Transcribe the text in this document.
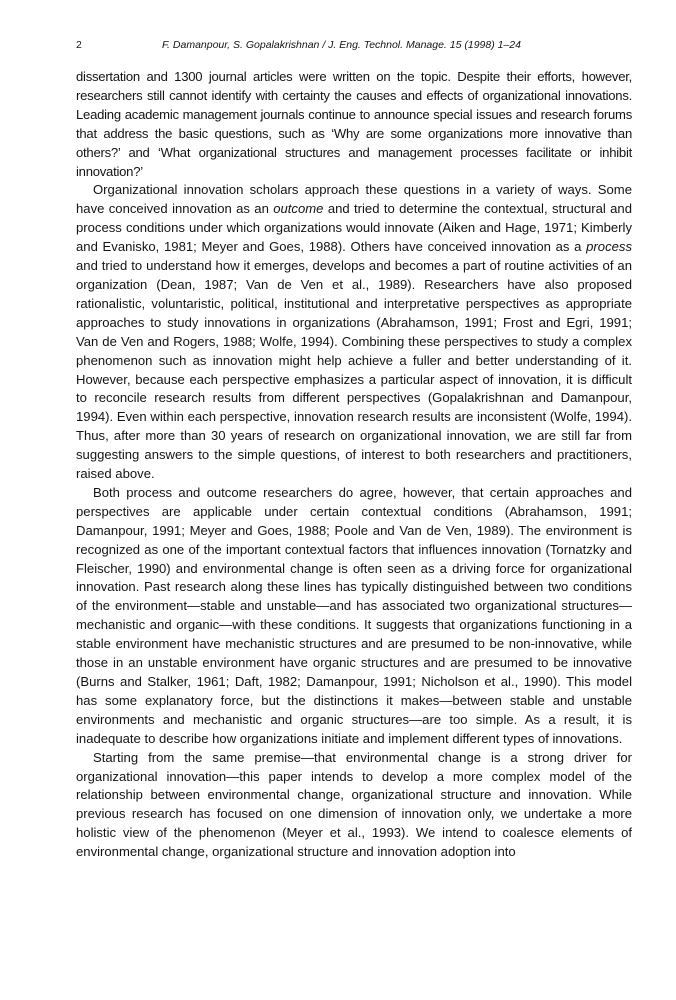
2	F. Damanpour, S. Gopalakrishnan / J. Eng. Technol. Manage. 15 (1998) 1–24

dissertation and 1300 journal articles were written on the topic. Despite their efforts, however, researchers still cannot identify with certainty the causes and effects of organizational innovations. Leading academic management journals continue to announce special issues and research forums that address the basic questions, such as ‘Why are some organizations more innovative than others?’ and ‘What organizational structures and management processes facilitate or inhibit innovation?’

Organizational innovation scholars approach these questions in a variety of ways. Some have conceived innovation as an outcome and tried to determine the contextual, structural and process conditions under which organizations would innovate (Aiken and Hage, 1971; Kimberly and Evanisko, 1981; Meyer and Goes, 1988). Others have conceived innovation as a process and tried to understand how it emerges, develops and becomes a part of routine activities of an organization (Dean, 1987; Van de Ven et al., 1989). Researchers have also proposed rationalistic, voluntaristic, political, institutional and interpretative perspectives as appropriate approaches to study innovations in organizations (Abrahamson, 1991; Frost and Egri, 1991; Van de Ven and Rogers, 1988; Wolfe, 1994). Combining these perspectives to study a complex phenomenon such as innovation might help achieve a fuller and better understanding of it. However, because each perspective emphasizes a particular aspect of innovation, it is difficult to reconcile research results from different perspectives (Gopalakrishnan and Damanpour, 1994). Even within each perspective, innovation research results are inconsistent (Wolfe, 1994). Thus, after more than 30 years of research on organizational innovation, we are still far from suggesting answers to the simple questions, of interest to both researchers and practitioners, raised above.

Both process and outcome researchers do agree, however, that certain approaches and perspectives are applicable under certain contextual conditions (Abrahamson, 1991; Damanpour, 1991; Meyer and Goes, 1988; Poole and Van de Ven, 1989). The environment is recognized as one of the important contextual factors that influences innovation (Tornatzky and Fleischer, 1990) and environmental change is often seen as a driving force for organizational innovation. Past research along these lines has typically distinguished between two conditions of the environment—stable and unstable—and has associated two organizational structures—mechanistic and organic—with these conditions. It suggests that organizations functioning in a stable environment have mechanistic structures and are presumed to be non-innovative, while those in an unstable environment have organic structures and are presumed to be innovative (Burns and Stalker, 1961; Daft, 1982; Damanpour, 1991; Nicholson et al., 1990). This model has some explanatory force, but the distinctions it makes—between stable and unstable environments and mechanistic and organic structures—are too simple. As a result, it is inadequate to describe how organizations initiate and implement different types of innovations.

Starting from the same premise—that environmental change is a strong driver for organizational innovation—this paper intends to develop a more complex model of the relationship between environmental change, organizational structure and innovation. While previous research has focused on one dimension of innovation only, we undertake a more holistic view of the phenomenon (Meyer et al., 1993). We intend to coalesce elements of environmental change, organizational structure and innovation adoption into
